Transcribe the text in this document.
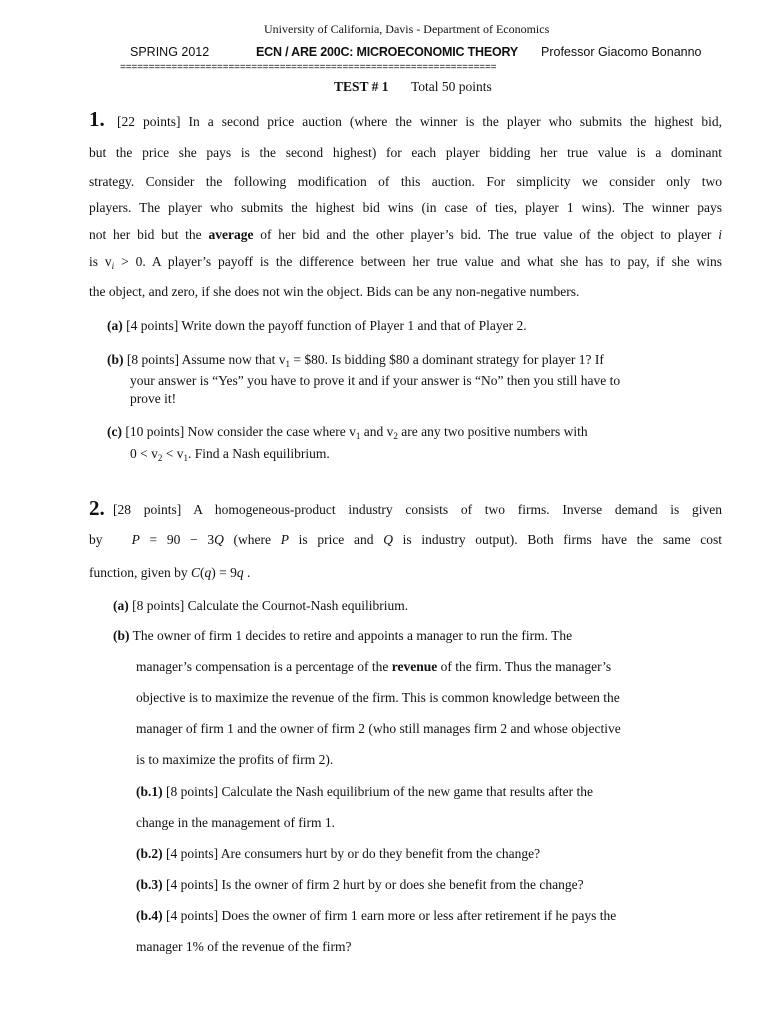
University of California, Davis - Department of Economics
SPRING 2012	ECN / ARE 200C: MICROECONOMIC THEORY Professor Giacomo Bonanno
==================================================================
TEST # 1 Total 50 points
1. [22 points] In a second price auction (where the winner is the player who submits the highest bid,
but the price she pays is the second highest) for each player bidding her true value is a dominant
strategy. Consider the following modification of this auction. For simplicity we consider only two
players. The player who submits the highest bid wins (in case of ties, player 1 wins). The winner pays
not her bid but the average of her bid and the other player’s bid. The true value of the object to player i
is $v_i > 0$. A player’s payoff is the difference between her true value and what she has to pay, if she wins
the object, and zero, if she does not win the object. Bids can be any non-negative numbers.
(a) [4 points] Write down the payoff function of Player 1 and that of Player 2.
(b) [8 points] Assume now that $v_1$ = $80. Is bidding $80 a dominant strategy for player 1? If
your answer is “Yes” you have to prove it and if your answer is “No” then you still have to
prove it!
(c) [10 points] Now consider the case where $v_1$ and $v_2$ are any two positive numbers with
$0 < v_2 < v_1$. Find a Nash equilibrium.
2. [28 points] A homogeneous-product industry consists of two firms. Inverse demand is given
by P = 90 − 3Q (where P is price and Q is industry output). Both firms have the same cost
function, given by C(q) = 9q .
(a) [8 points] Calculate the Cournot-Nash equilibrium.
(b) The owner of firm 1 decides to retire and appoints a manager to run the firm. The
manager’s compensation is a percentage of the revenue of the firm. Thus the manager’s
objective is to maximize the revenue of the firm. This is common knowledge between the
manager of firm 1 and the owner of firm 2 (who still manages firm 2 and whose objective
is to maximize the profits of firm 2).
(b.1) [8 points] Calculate the Nash equilibrium of the new game that results after the
change in the management of firm 1.
(b.2) [4 points] Are consumers hurt by or do they benefit from the change?
(b.3) [4 points] Is the owner of firm 2 hurt by or does she benefit from the change?
(b.4) [4 points] Does the owner of firm 1 earn more or less after retirement if he pays the
manager 1% of the revenue of the firm?
